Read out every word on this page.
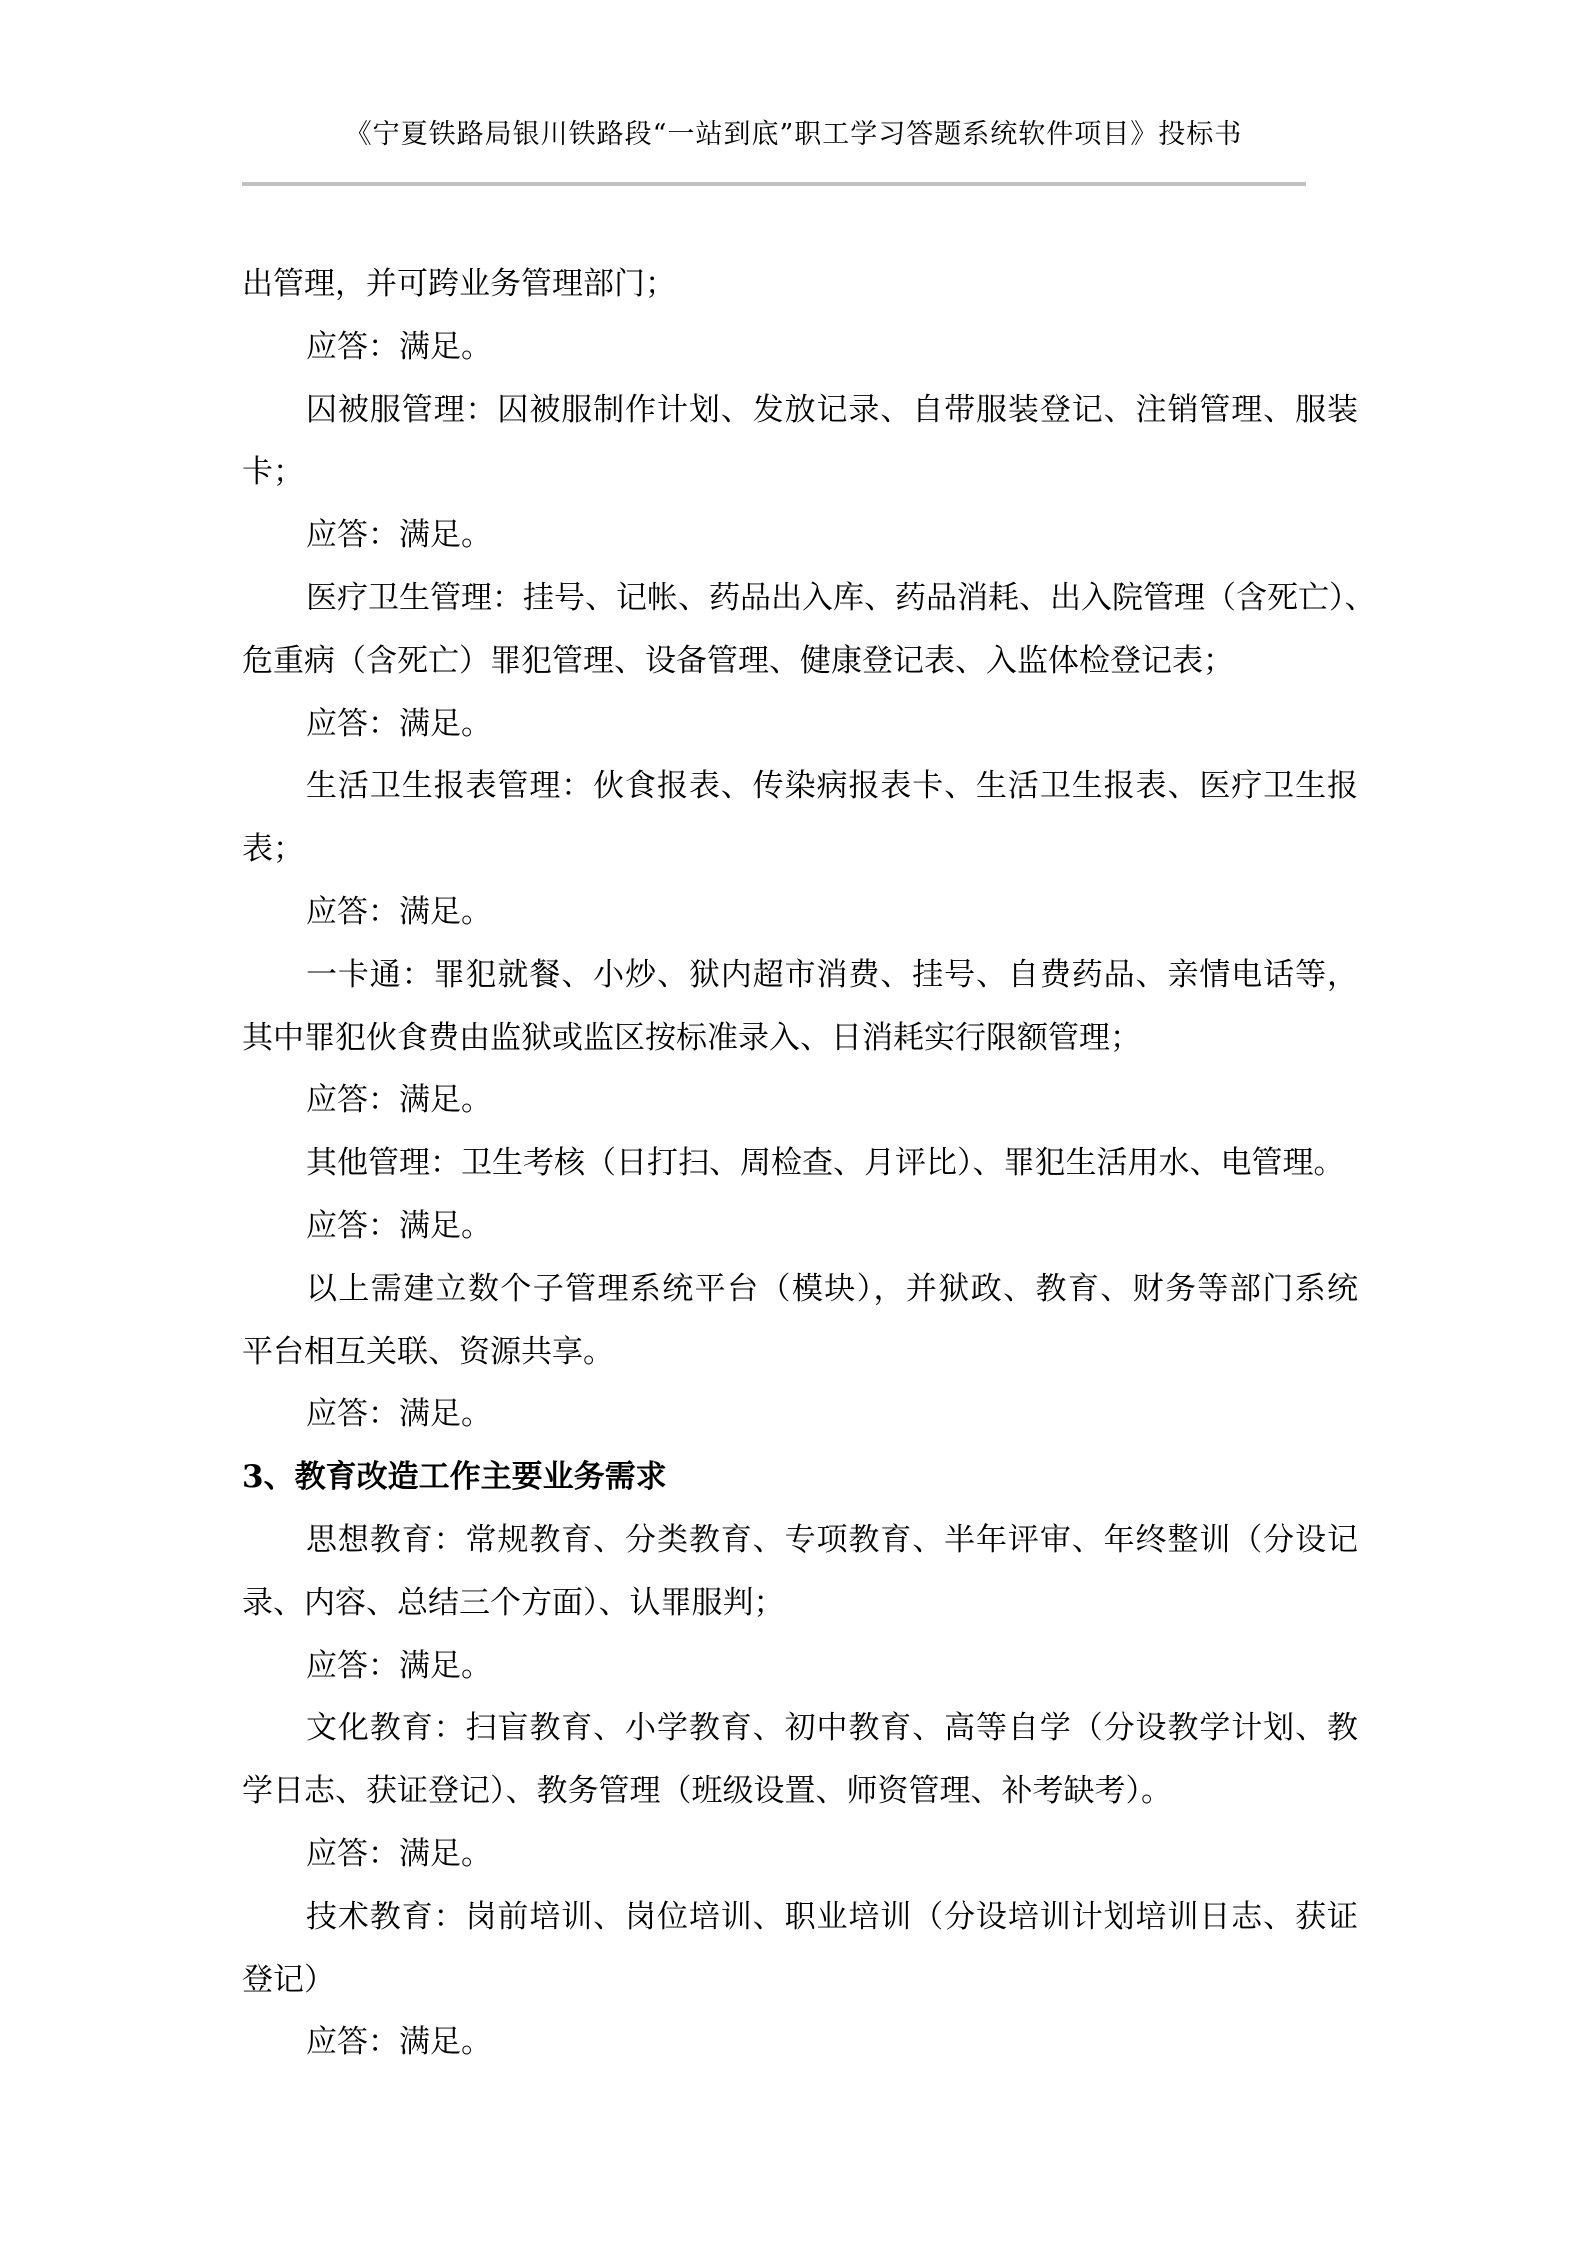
《宁夏铁路局银川铁路段“一站到底”职工学习答题系统软件项目》投标书
出管理，并可跨业务管理部门；
应答：满足。
囚被服管理：囚被服制作计划、发放记录、自带服装登记、注销管理、服装
卡；
应答：满足。
医疗卫生管理：挂号、记帐、药品出入库、药品消耗、出入院管理（含死亡）、
危重病（含死亡）罪犯管理、设备管理、健康登记表、入监体检登记表；
应答：满足。
生活卫生报表管理：伙食报表、传染病报表卡、生活卫生报表、医疗卫生报
表；
应答：满足。
一卡通：罪犯就餐、小炒、狱内超市消费、挂号、自费药品、亲情电话等，
其中罪犯伙食费由监狱或监区按标准录入、日消耗实行限额管理；
应答：满足。
其他管理：卫生考核（日打扫、周检查、月评比）、罪犯生活用水、电管理。
应答：满足。
以上需建立数个子管理系统平台（模块），并狱政、教育、财务等部门系统
平台相互关联、资源共享。
应答：满足。
3、教育改造工作主要业务需求
思想教育：常规教育、分类教育、专项教育、半年评审、年终整训（分设记
录、内容、总结三个方面）、认罪服判；
应答：满足。
文化教育：扫盲教育、小学教育、初中教育、高等自学（分设教学计划、教
学日志、获证登记）、教务管理（班级设置、师资管理、补考缺考）。
应答：满足。
技术教育：岗前培训、岗位培训、职业培训（分设培训计划培训日志、获证
登记）
应答：满足。
